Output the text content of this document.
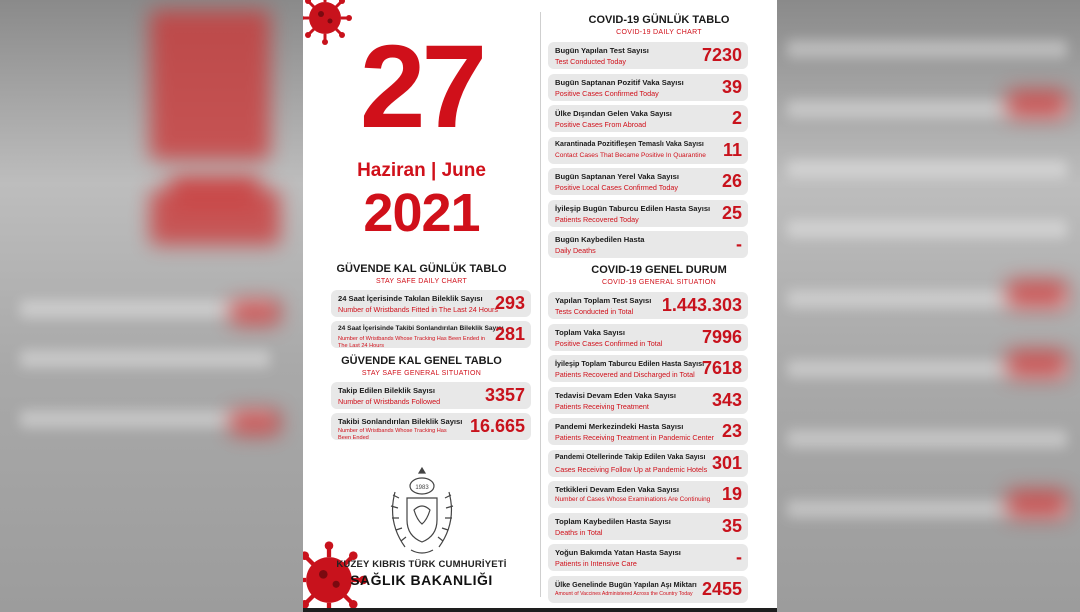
27
Haziran | June
2021
GÜVENDE KAL GÜNLÜK TABLO
STAY SAFE DAILY CHART
24 Saat İçerisinde Takılan Bileklik Sayısı
Number of Wristbands Fitted in The Last 24 Hours
293
24 Saat İçerisinde Takibi Sonlandırılan Bileklik Sayısı
Number of Wristbands Whose Tracking Has Been Ended in The Last 24 Hours
281
GÜVENDE KAL GENEL TABLO
STAY SAFE GENERAL SITUATION
Takip Edilen Bileklik Sayısı
Number of Wristbands Followed 3357
Takibi Sonlandırılan Bileklik Sayısı
Number of Wristbands Whose Tracking Has Been Ended
16.665
COVID-19 GÜNLÜK TABLO
COVID-19 DAILY CHART
Bugün Yapılan Test Sayısı
Test Conducted Today	7230
Bugün Saptanan Pozitif Vaka Sayısı
Positive Cases Confirmed Today	39
Ülke Dışından Gelen Vaka Sayısı
Positive Cases From Abroad	2
Karantinada Pozitifleşen Temaslı Vaka Sayısı
Contact Cases That Became Positive In Quarantine 11
Bugün Saptanan Yerel Vaka Sayısı
Positive Local Cases Confirmed Today 26
İyileşip Bugün Taburcu Edilen Hasta Sayısı
Patients Recovered Today	25
Bugün Kaybedilen Hasta
Daily Deaths	-
COVID-19 GENEL DURUM
COVID-19 GENERAL SITUATION
Yapılan Toplam Test Sayısı
Tests Conducted in Total 1.443.303
Toplam Vaka Sayısı
Positive Cases Confirmed in Total 7996
İyileşip Toplam Taburcu Edilen Hasta Sayısı
Patients Recovered and Discharged in Total 7618
Tedavisi Devam Eden Vaka Sayısı
Patients Receiving Treatment	343
Pandemi Merkezindeki Hasta Sayısı
Patients Receiving Treatment in Pandemic Center 23
Pandemi Otellerinde Takip Edilen Vaka Sayısı
Cases Receiving Follow Up at Pandemic Hotels 301
Tetkikleri Devam Eden Vaka Sayısı
Number of Cases Whose Examinations Are Continuing 19
Toplam Kaybedilen Hasta Sayısı
Deaths in Total	35
Yoğun Bakımda Yatan Hasta Sayısı
Patients in Intensive Care	-
Ülke Genelinde Bugün Yapılan Aşı Miktarı
Amount of Vaccines Administered Across the Country Today 2455
1983
KUZEY KIBRIS TÜRK CUMHURİYETİ
SAĞLIK BAKANLIĞI
